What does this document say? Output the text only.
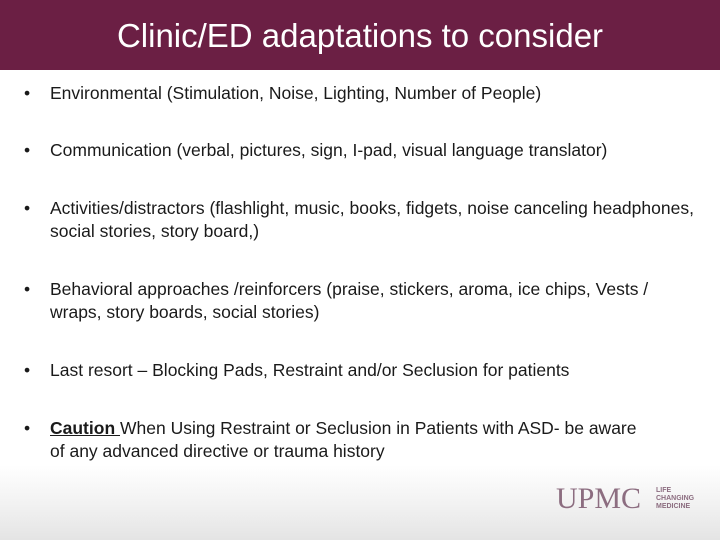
Clinic/ED adaptations to consider
• Environmental (Stimulation, Noise, Lighting, Number of People)
• Communication (verbal, pictures, sign, I-pad, visual language translator)
• Activities/distractors (flashlight, music, books, fidgets, noise canceling headphones, social stories, story board,)
• Behavioral approaches /reinforcers (praise, stickers, aroma, ice chips, Vests / wraps, story boards, social stories)
• Last resort – Blocking Pads, Restraint and/or Seclusion for patients
• Caution When Using Restraint or Seclusion in Patients with ASD- be aware of any advanced directive or trauma history
UPMC LIFE
CHANGING
MEDICINE
